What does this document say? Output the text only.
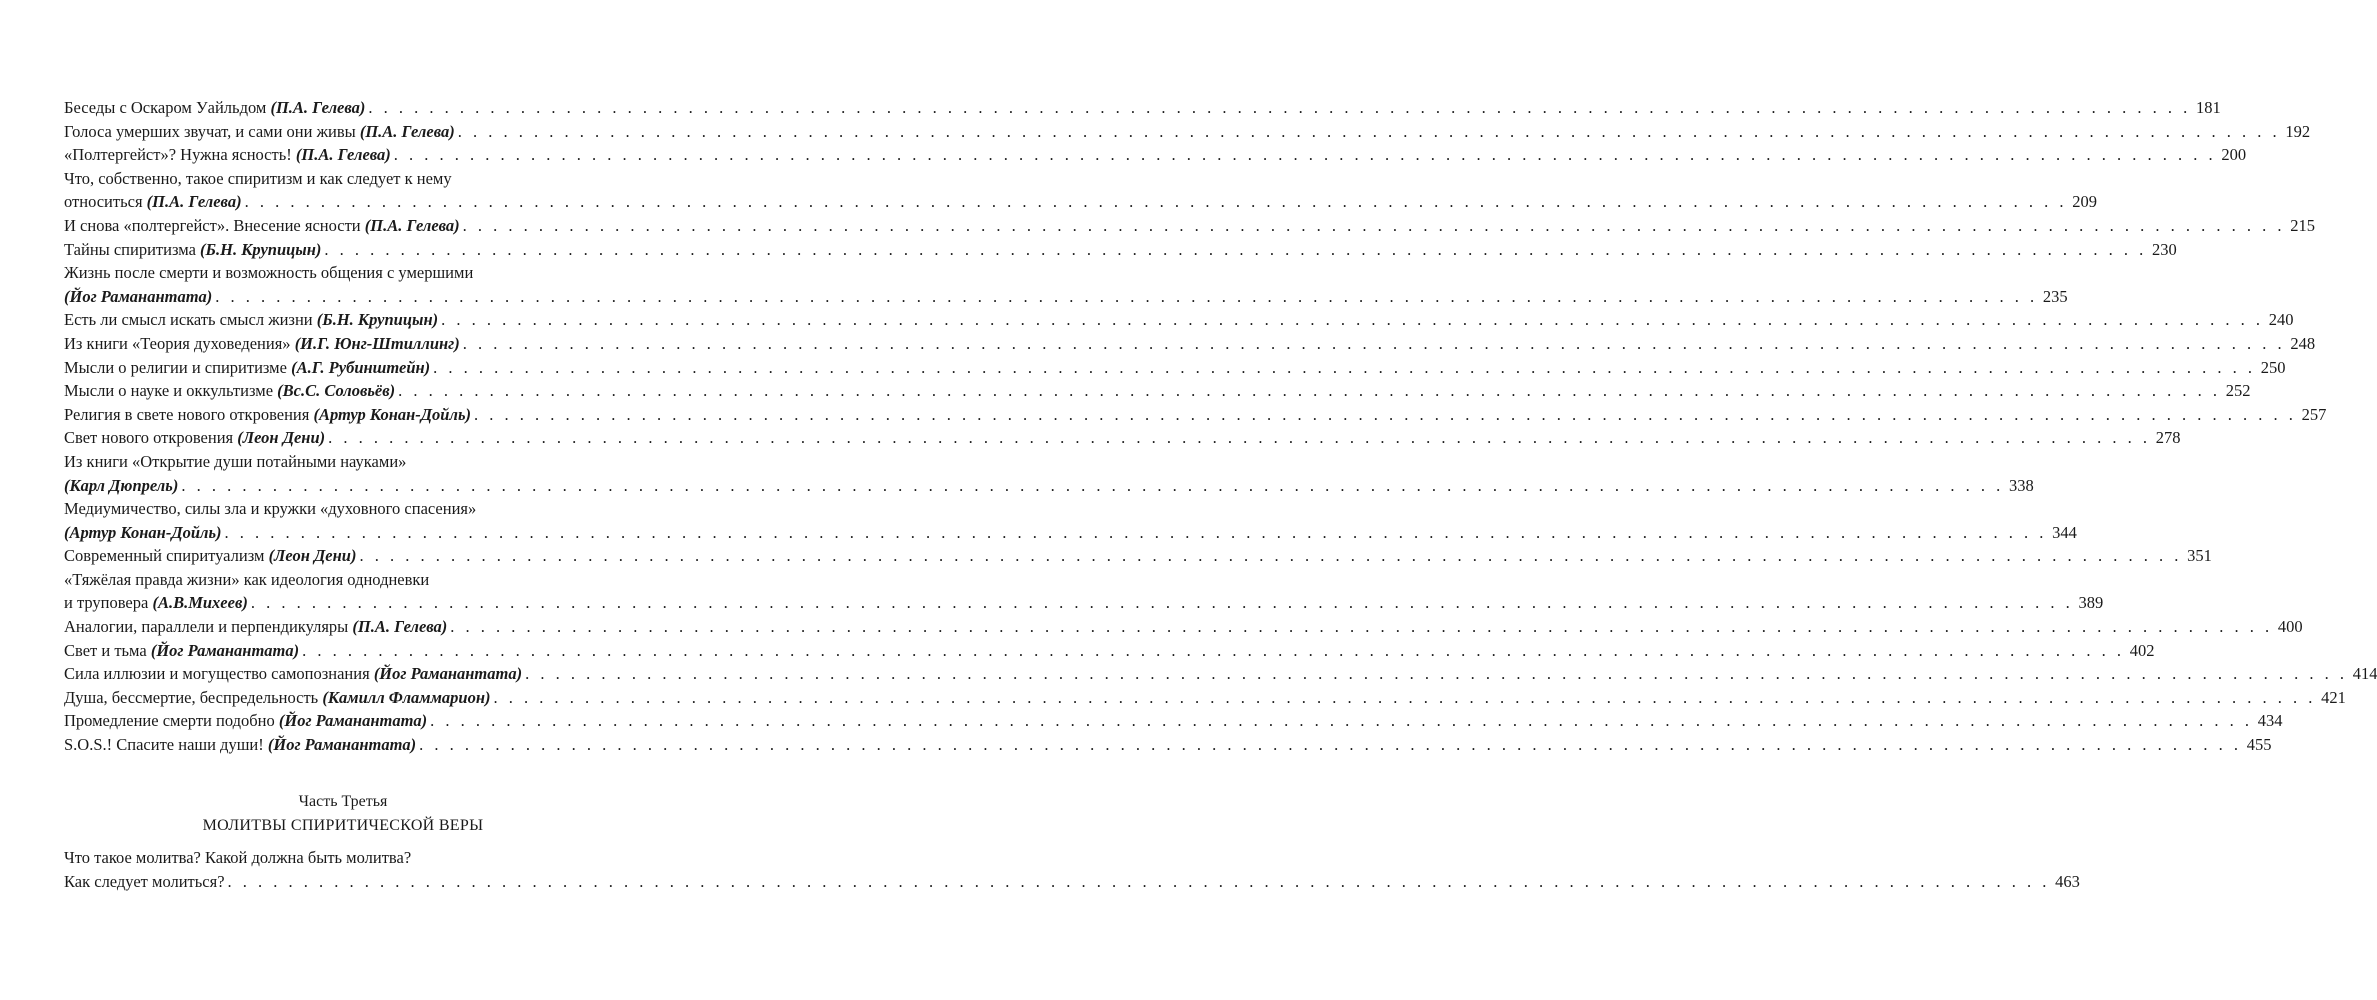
Беседы с Оскаром Уайльдом (П.А. Гелева) . . . . . . . . . . . . . . . . . . . . . . . . . . . . . . . . . . . . . . . . . . . . . . . . . . . . . . . . . . . . . . . . . . . . . . . . . . . . . . . . . . . . . . . . . . . . . . . . . . . . . . . . . . . . . . . . . . . . . . . . 181
Голоса умерших звучат, и сами они живы (П.А. Гелева) . . . . . . . . . . . . . . . . . . . . . . . . . . . . . . . . . . . . . . . . . . . . . . . . . . . . . . . . . . . . . . . . . . . . . . . . . . . . . . . . . . . . . . . . . . . . . . . . . . . . . . . . . . . . . . . . . . . . . . . . 192
«Полтергейст»? Нужна ясность! (П.А. Гелева) . . . . . . . . . . . . . . . . . . . . . . . . . . . . . . . . . . . . . . . . . . . . . . . . . . . . . . . . . . . . . . . . . . . . . . . . . . . . . . . . . . . . . . . . . . . . . . . . . . . . . . . . . . . . . . . . . . . . . . . . 200
Что, собственно, такое спиритизм и как следует к нему
относиться (П.А. Гелева) . . . . . . . . . . . . . . . . . . . . . . . . . . . . . . . . . . . . . . . . . . . . . . . . . . . . . . . . . . . . . . . . . . . . . . . . . . . . . . . . . . . . . . . . . . . . . . . . . . . . . . . . . . . . . . . . . . . . . . . . 209
И снова «полтергейст». Внесение ясности (П.А. Гелева) . . . . . . . . . . . . . . . . . . . . . . . . . . . . . . . . . . . . . . . . . . . . . . . . . . . . . . . . . . . . . . . . . . . . . . . . . . . . . . . . . . . . . . . . . . . . . . . . . . . . . . . . . . . . . . . . . . . . . . . . 215
Тайны спиритизма (Б.Н. Крупицын) . . . . . . . . . . . . . . . . . . . . . . . . . . . . . . . . . . . . . . . . . . . . . . . . . . . . . . . . . . . . . . . . . . . . . . . . . . . . . . . . . . . . . . . . . . . . . . . . . . . . . . . . . . . . . . . . . . . . . . . . 230
Жизнь после смерти и возможность общения с умершими
(Йог Раманантата) . . . . . . . . . . . . . . . . . . . . . . . . . . . . . . . . . . . . . . . . . . . . . . . . . . . . . . . . . . . . . . . . . . . . . . . . . . . . . . . . . . . . . . . . . . . . . . . . . . . . . . . . . . . . . . . . . . . . . . . . 235
Есть ли смысл искать смысл жизни (Б.Н. Крупицын) . . . . . . . . . . . . . . . . . . . . . . . . . . . . . . . . . . . . . . . . . . . . . . . . . . . . . . . . . . . . . . . . . . . . . . . . . . . . . . . . . . . . . . . . . . . . . . . . . . . . . . . . . . . . . . . . . . . . . . . . 240
Из книги «Теория духоведения» (И.Г. Юнг-Штиллинг) . . . . . . . . . . . . . . . . . . . . . . . . . . . . . . . . . . . . . . . . . . . . . . . . . . . . . . . . . . . . . . . . . . . . . . . . . . . . . . . . . . . . . . . . . . . . . . . . . . . . . . . . . . . . . . . . . . . . . . . . 248
Мысли о религии и спиритизме (А.Г. Рубинштейн) . . . . . . . . . . . . . . . . . . . . . . . . . . . . . . . . . . . . . . . . . . . . . . . . . . . . . . . . . . . . . . . . . . . . . . . . . . . . . . . . . . . . . . . . . . . . . . . . . . . . . . . . . . . . . . . . . . . . . . . . 250
Мысли о науке и оккультизме (Вс.С. Соловьёв) . . . . . . . . . . . . . . . . . . . . . . . . . . . . . . . . . . . . . . . . . . . . . . . . . . . . . . . . . . . . . . . . . . . . . . . . . . . . . . . . . . . . . . . . . . . . . . . . . . . . . . . . . . . . . . . . . . . . . . . . 252
Религия в свете нового откровения (Артур Конан-Дойль) . . . . . . . . . . . . . . . . . . . . . . . . . . . . . . . . . . . . . . . . . . . . . . . . . . . . . . . . . . . . . . . . . . . . . . . . . . . . . . . . . . . . . . . . . . . . . . . . . . . . . . . . . . . . . . . . . . . . . . . . 257
Свет нового откровения (Леон Дени) . . . . . . . . . . . . . . . . . . . . . . . . . . . . . . . . . . . . . . . . . . . . . . . . . . . . . . . . . . . . . . . . . . . . . . . . . . . . . . . . . . . . . . . . . . . . . . . . . . . . . . . . . . . . . . . . . . . . . . . . 278
Из книги «Открытие души потайными науками»
(Карл Дюпрель) . . . . . . . . . . . . . . . . . . . . . . . . . . . . . . . . . . . . . . . . . . . . . . . . . . . . . . . . . . . . . . . . . . . . . . . . . . . . . . . . . . . . . . . . . . . . . . . . . . . . . . . . . . . . . . . . . . . . . . . . 338
Медиумичество, силы зла и кружки «духовного спасения»
(Артур Конан-Дойль) . . . . . . . . . . . . . . . . . . . . . . . . . . . . . . . . . . . . . . . . . . . . . . . . . . . . . . . . . . . . . . . . . . . . . . . . . . . . . . . . . . . . . . . . . . . . . . . . . . . . . . . . . . . . . . . . . . . . . . . . 344
Современный спиритуализм (Леон Дени) . . . . . . . . . . . . . . . . . . . . . . . . . . . . . . . . . . . . . . . . . . . . . . . . . . . . . . . . . . . . . . . . . . . . . . . . . . . . . . . . . . . . . . . . . . . . . . . . . . . . . . . . . . . . . . . . . . . . . . . . 351
«Тяжёлая правда жизни» как идеология однодневки
и труповера (А.В.Михеев) . . . . . . . . . . . . . . . . . . . . . . . . . . . . . . . . . . . . . . . . . . . . . . . . . . . . . . . . . . . . . . . . . . . . . . . . . . . . . . . . . . . . . . . . . . . . . . . . . . . . . . . . . . . . . . . . . . . . . . . . 389
Аналогии, параллели и перпендикуляры (П.А. Гелева) . . . . . . . . . . . . . . . . . . . . . . . . . . . . . . . . . . . . . . . . . . . . . . . . . . . . . . . . . . . . . . . . . . . . . . . . . . . . . . . . . . . . . . . . . . . . . . . . . . . . . . . . . . . . . . . . . . . . . . . . 400
Свет и тьма (Йог Раманантата) . . . . . . . . . . . . . . . . . . . . . . . . . . . . . . . . . . . . . . . . . . . . . . . . . . . . . . . . . . . . . . . . . . . . . . . . . . . . . . . . . . . . . . . . . . . . . . . . . . . . . . . . . . . . . . . . . . . . . . . . 402
Сила иллюзии и могущество самопознания (Йог Раманантата) . . . . . . . . . . . . . . . . . . . . . . . . . . . . . . . . . . . . . . . . . . . . . . . . . . . . . . . . . . . . . . . . . . . . . . . . . . . . . . . . . . . . . . . . . . . . . . . . . . . . . . . . . . . . . . . . . . . . . . . . 414
Душа, бессмертие, беспредельность (Камилл Фламмарион) . . . . . . . . . . . . . . . . . . . . . . . . . . . . . . . . . . . . . . . . . . . . . . . . . . . . . . . . . . . . . . . . . . . . . . . . . . . . . . . . . . . . . . . . . . . . . . . . . . . . . . . . . . . . . . . . . . . . . . . . 421
Промедление смерти подобно (Йог Раманантата) . . . . . . . . . . . . . . . . . . . . . . . . . . . . . . . . . . . . . . . . . . . . . . . . . . . . . . . . . . . . . . . . . . . . . . . . . . . . . . . . . . . . . . . . . . . . . . . . . . . . . . . . . . . . . . . . . . . . . . . . 434
S.O.S.! Спасите наши души! (Йог Раманантата) . . . . . . . . . . . . . . . . . . . . . . . . . . . . . . . . . . . . . . . . . . . . . . . . . . . . . . . . . . . . . . . . . . . . . . . . . . . . . . . . . . . . . . . . . . . . . . . . . . . . . . . . . . . . . . . . . . . . . . . . 455
Часть Третья
МОЛИТВЫ СПИРИТИЧЕСКОЙ ВЕРЫ
Что такое молитва? Какой должна быть молитва?
Как следует молиться? . . . . . . . . . . . . . . . . . . . . . . . . . . . . . . . . . . . . . . . . . . . . . . . . . . . . . . . . . . . . . . . . . . . . . . . . . . . . . . . . . . . . . . . . . . . . . . . . . . . . . . . . . . . . . . . . . . . . . . . . 463
